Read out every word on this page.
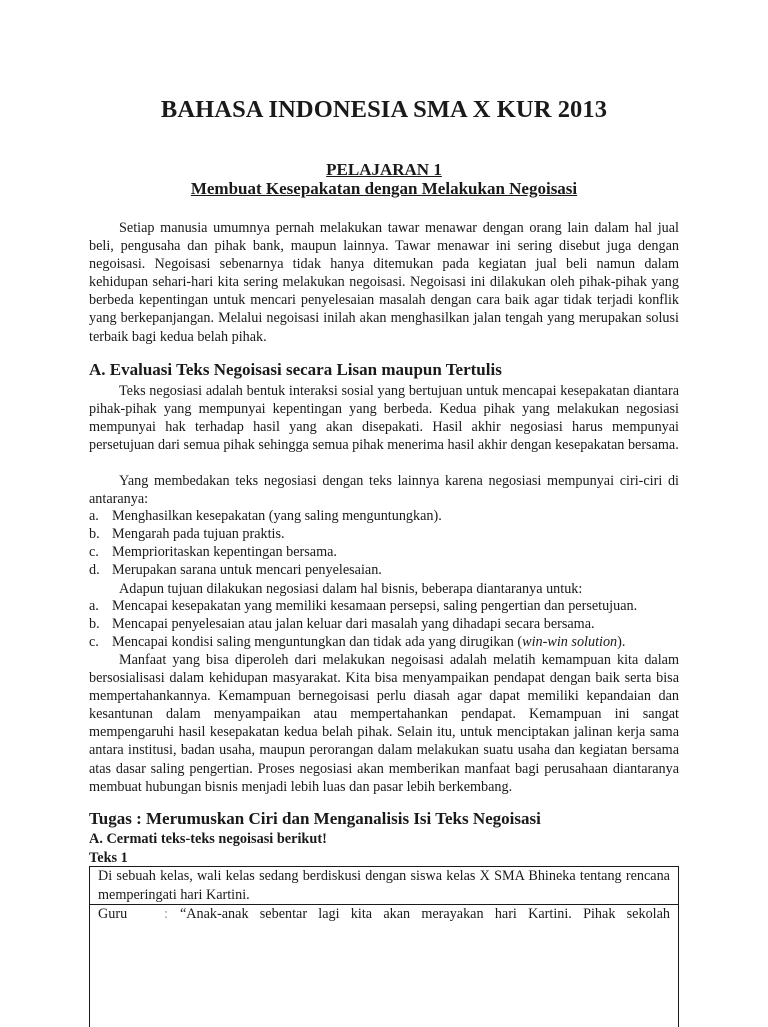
BAHASA INDONESIA SMA X KUR 2013
PELAJARAN 1
Membuat Kesepakatan dengan Melakukan Negoisasi

Setiap manusia umumnya pernah melakukan tawar menawar dengan orang lain dalam hal jual beli, pengusaha dan pihak bank, maupun lainnya. Tawar menawar ini sering disebut juga dengan negoisasi. Negoisasi sebenarnya tidak hanya ditemukan pada kegiatan jual beli namun dalam kehidupan sehari-hari kita sering melakukan negoisasi. Negoisasi ini dilakukan oleh pihak-pihak yang berbeda kepentingan untuk mencari penyelesaian masalah dengan cara baik agar tidak terjadi konflik yang berkepanjangan. Melalui negoisasi inilah akan menghasilkan jalan tengah yang merupakan solusi terbaik bagi kedua belah pihak.

A. Evaluasi Teks Negoisasi secara Lisan maupun Tertulis

Teks negosiasi adalah bentuk interaksi sosial yang bertujuan untuk mencapai kesepakatan diantara pihak-pihak yang mempunyai kepentingan yang berbeda. Kedua pihak yang melakukan negosiasi mempunyai hak terhadap hasil yang akan disepakati. Hasil akhir negosiasi harus mempunyai persetujuan dari semua pihak sehingga semua pihak menerima hasil akhir dengan kesepakatan bersama.

Yang membedakan teks negosiasi dengan teks lainnya karena negosiasi mempunyai ciri-ciri di antaranya:

a. Menghasilkan kesepakatan (yang saling menguntungkan).
b. Mengarah pada tujuan praktis.
c. Memprioritaskan kepentingan bersama.
d. Merupakan sarana untuk mencari penyelesaian.

Adapun tujuan dilakukan negosiasi dalam hal bisnis, beberapa diantaranya untuk:

a. Mencapai kesepakatan yang memiliki kesamaan persepsi, saling pengertian dan persetujuan.
b. Mencapai penyelesaian atau jalan keluar dari masalah yang dihadapi secara bersama.
c. Mencapai kondisi saling menguntungkan dan tidak ada yang dirugikan (win-win solution).

Manfaat yang bisa diperoleh dari melakukan negoisasi adalah melatih kemampuan kita dalam bersosialisasi dalam kehidupan masyarakat. Kita bisa menyampaikan pendapat dengan baik serta bisa mempertahankannya. Kemampuan bernegoisasi perlu diasah agar dapat memiliki kepandaian dan kesantunan dalam menyampaikan atau mempertahankan pendapat. Kemampuan ini sangat mempengaruhi hasil kesepakatan kedua belah pihak. Selain itu, untuk menciptakan jalinan kerja sama antara institusi, badan usaha, maupun perorangan dalam melakukan suatu usaha dan kegiatan bersama atas dasar saling pengertian. Proses negosiasi akan memberikan manfaat bagi perusahaan diantaranya membuat hubungan bisnis menjadi lebih luas dan pasar lebih berkembang.

Tugas : Merumuskan Ciri dan Menganalisis Isi Teks Negoisasi
A. Cermati teks-teks negoisasi berikut!
Teks 1
Di sebuah kelas, wali kelas sedang berdiskusi dengan siswa kelas X SMA Bhineka tentang rencana memperingati hari Kartini.
Guru	: “Anak-anak sebentar lagi kita akan merayakan hari Kartini. Pihak sekolah
